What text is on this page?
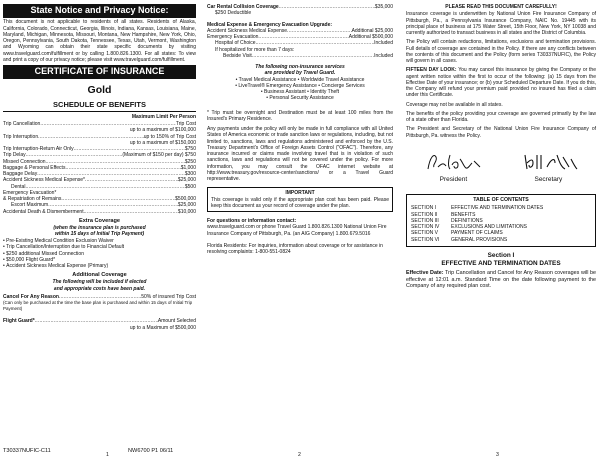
State Notice and Privacy Notice:
This document is not applicable to residents of all states. Residents of Alaska, California, Colorado, Connecticut, Georgia, Illinois, Indiana, Kansas, Louisiana, Maine, Maryland, Michigan, Minnesota, Missouri, Montana, New Hampshire, New York, Ohio, Oregon, Pennsylvania, South Dakota, Tennessee, Texas, Utah, Vermont, Washington and Wyoming can obtain their state specific documents by visiting www.travelguard.com/fulfillment or by calling 1.800.826.1300. For all states: To view and print a copy of our privacy notice; please visit www.travelguard.com/fulfillment.
CERTIFICATE OF INSURANCE
Gold
SCHEDULE OF BENEFITS
Maximum Limit Per Person
Trip Cancellation .....	Trip Cost
up to a maximum of $100,000
Trip Interruption .....	up to 150% of Trip Cost
up to a maximum of $150,000
Trip Interruption-Return Air Only .....	$750
Trip Delay .....	(Maximum of $150 per day) $750
Missed Connection .....	$250
Baggage & Personal Effects .....	$1,000
Baggage Delay .....	$300
Accident Sickness Medical Expense* .....	$25,000
Dental .....	$500
Emergency Evacuation*
& Repatriation of Remains .....	$500,000
Escort Maximum .....	$25,000
Accidental Death & Dismemberment .....	$10,000
Extra Coverage
(when the insurance plan is purchased
within 15 days of Initial Trip Payment)
• Pre-Existing Medical Condition Exclusion Waiver
• Trip Cancellation/Interruption due to Financial Default
• $250 additional Missed Connection
• $50,000 Flight Guard*
• Accident Sickness Medical Expense (Primary)
Additional Coverage
The following will be included if elected
and appropriate costs have been paid.
Cancel For Any Reason .....	50% of insured Trip Cost
(Can only be purchased at the time the base plan is purchased and within 15 days of Initial Trip Payment)
Flight Guard* .....	Amount Selected
up to a Maximum of $500,000
Car Rental Collision Coverage .....	$35,000
$250 Deductible
Medical Expense & Emergency Evacuation Upgrade:
Accident Sickness Medical Expense .....	Additional $25,000
Emergency Evacuation .....	Additional $500,000
Hospital of Choice .....	Included
If hospitalized for more than 7 days:
Bedside Visit .....	Included
The following non-insurance services
are provided by Travel Guard.
• Travel Medical Assistance • Worldwide Travel Assistance
• LiveTravel® Emergency Assistance • Concierge Services
• Business Assistant • Identity Theft
• Personal Security Assistance
* Trip must be overnight and Destination must be at least 100 miles from the Insured's Primary Residence.
Any payments under the policy will only be made in full compliance with all United States of America economic or trade sanction laws or regulations, including, but not limited to, sanctions, laws and regulations administered and enforced by the U.S. Treasury Department's Office of Foreign Assets Control ("OFAC"). Therefore, any insurance incurred or claims made involving travel that is in violation of such sanctions, laws and regulations will not be covered under the policy. For more information, you may consult the OFAC internet website at http://www.treasury.gov/resource-center/sanctions/ or a Travel Guard representative.
IMPORTANT
This coverage is valid only if the appropriate plan cost has been paid. Please keep this document as your record of coverage under the plan.
For questions or information contact:
www.travelguard.com or phone Travel Guard 1.800.826.1300 National Union Fire Insurance Company of Pittsburgh, Pa. (an AIG Company) 1.800.679.5016
Florida Residents: For inquiries, information about coverage or for assistance in resolving complaints: 1-800-551-0824
PLEASE READ THIS DOCUMENT CAREFULLY!

Insurance coverage is underwritten by National Union Fire Insurance Company of Pittsburgh, Pa., a Pennsylvania Insurance Company, NAIC No. 19445 with its principal place of business at 175 Water Street, 15th Floor, New York, NY 10038 and currently authorized to transact business in all states and the District of Columbia.

The Policy will contain reductions, limitations, exclusions and termination provisions. Full details of coverage are contained in the Policy. If there are any conflicts between the contents of this document and the Policy (form series T30337NUFIC), the Policy will govern in all cases.

FIFTEEN DAY LOOK: You may cancel this insurance by giving the Company or the agent written notice within the first to occur of the following: (a) 15 days from the Effective Date of your insurance; or (b) your Scheduled Departure Date. If you do this, the Company will refund your premium paid provided no insured has filed a claim under this Certificate.

Coverage may not be available in all states.

The benefits of the policy providing your coverage are governed primarily by the law of a state other than Florida.

The President and Secretary of the National Union Fire Insurance Company of Pittsburgh, Pa. witness the Policy.

President	Secretary
TABLE OF CONTENTS
SECTION I	EFFECTIVE AND TERMINATION DATES
SECTION II	BENEFITS
SECTION III	DEFINITIONS
SECTION IV	EXCLUSIONS AND LIMITATIONS
SECTION V	PAYMENT OF CLAIMS
SECTION VI	GENERAL PROVISIONS
Section I
EFFECTIVE AND TERMINATION DATES
Effective Date: Trip Cancellation and Cancel for Any Reason coverages will be effective at 12:01 a.m. Standard Time on the date following payment to the Company of any required plan cost.
T30337NUFIC-C11
1
NW6700 P1 06/11
2	3
